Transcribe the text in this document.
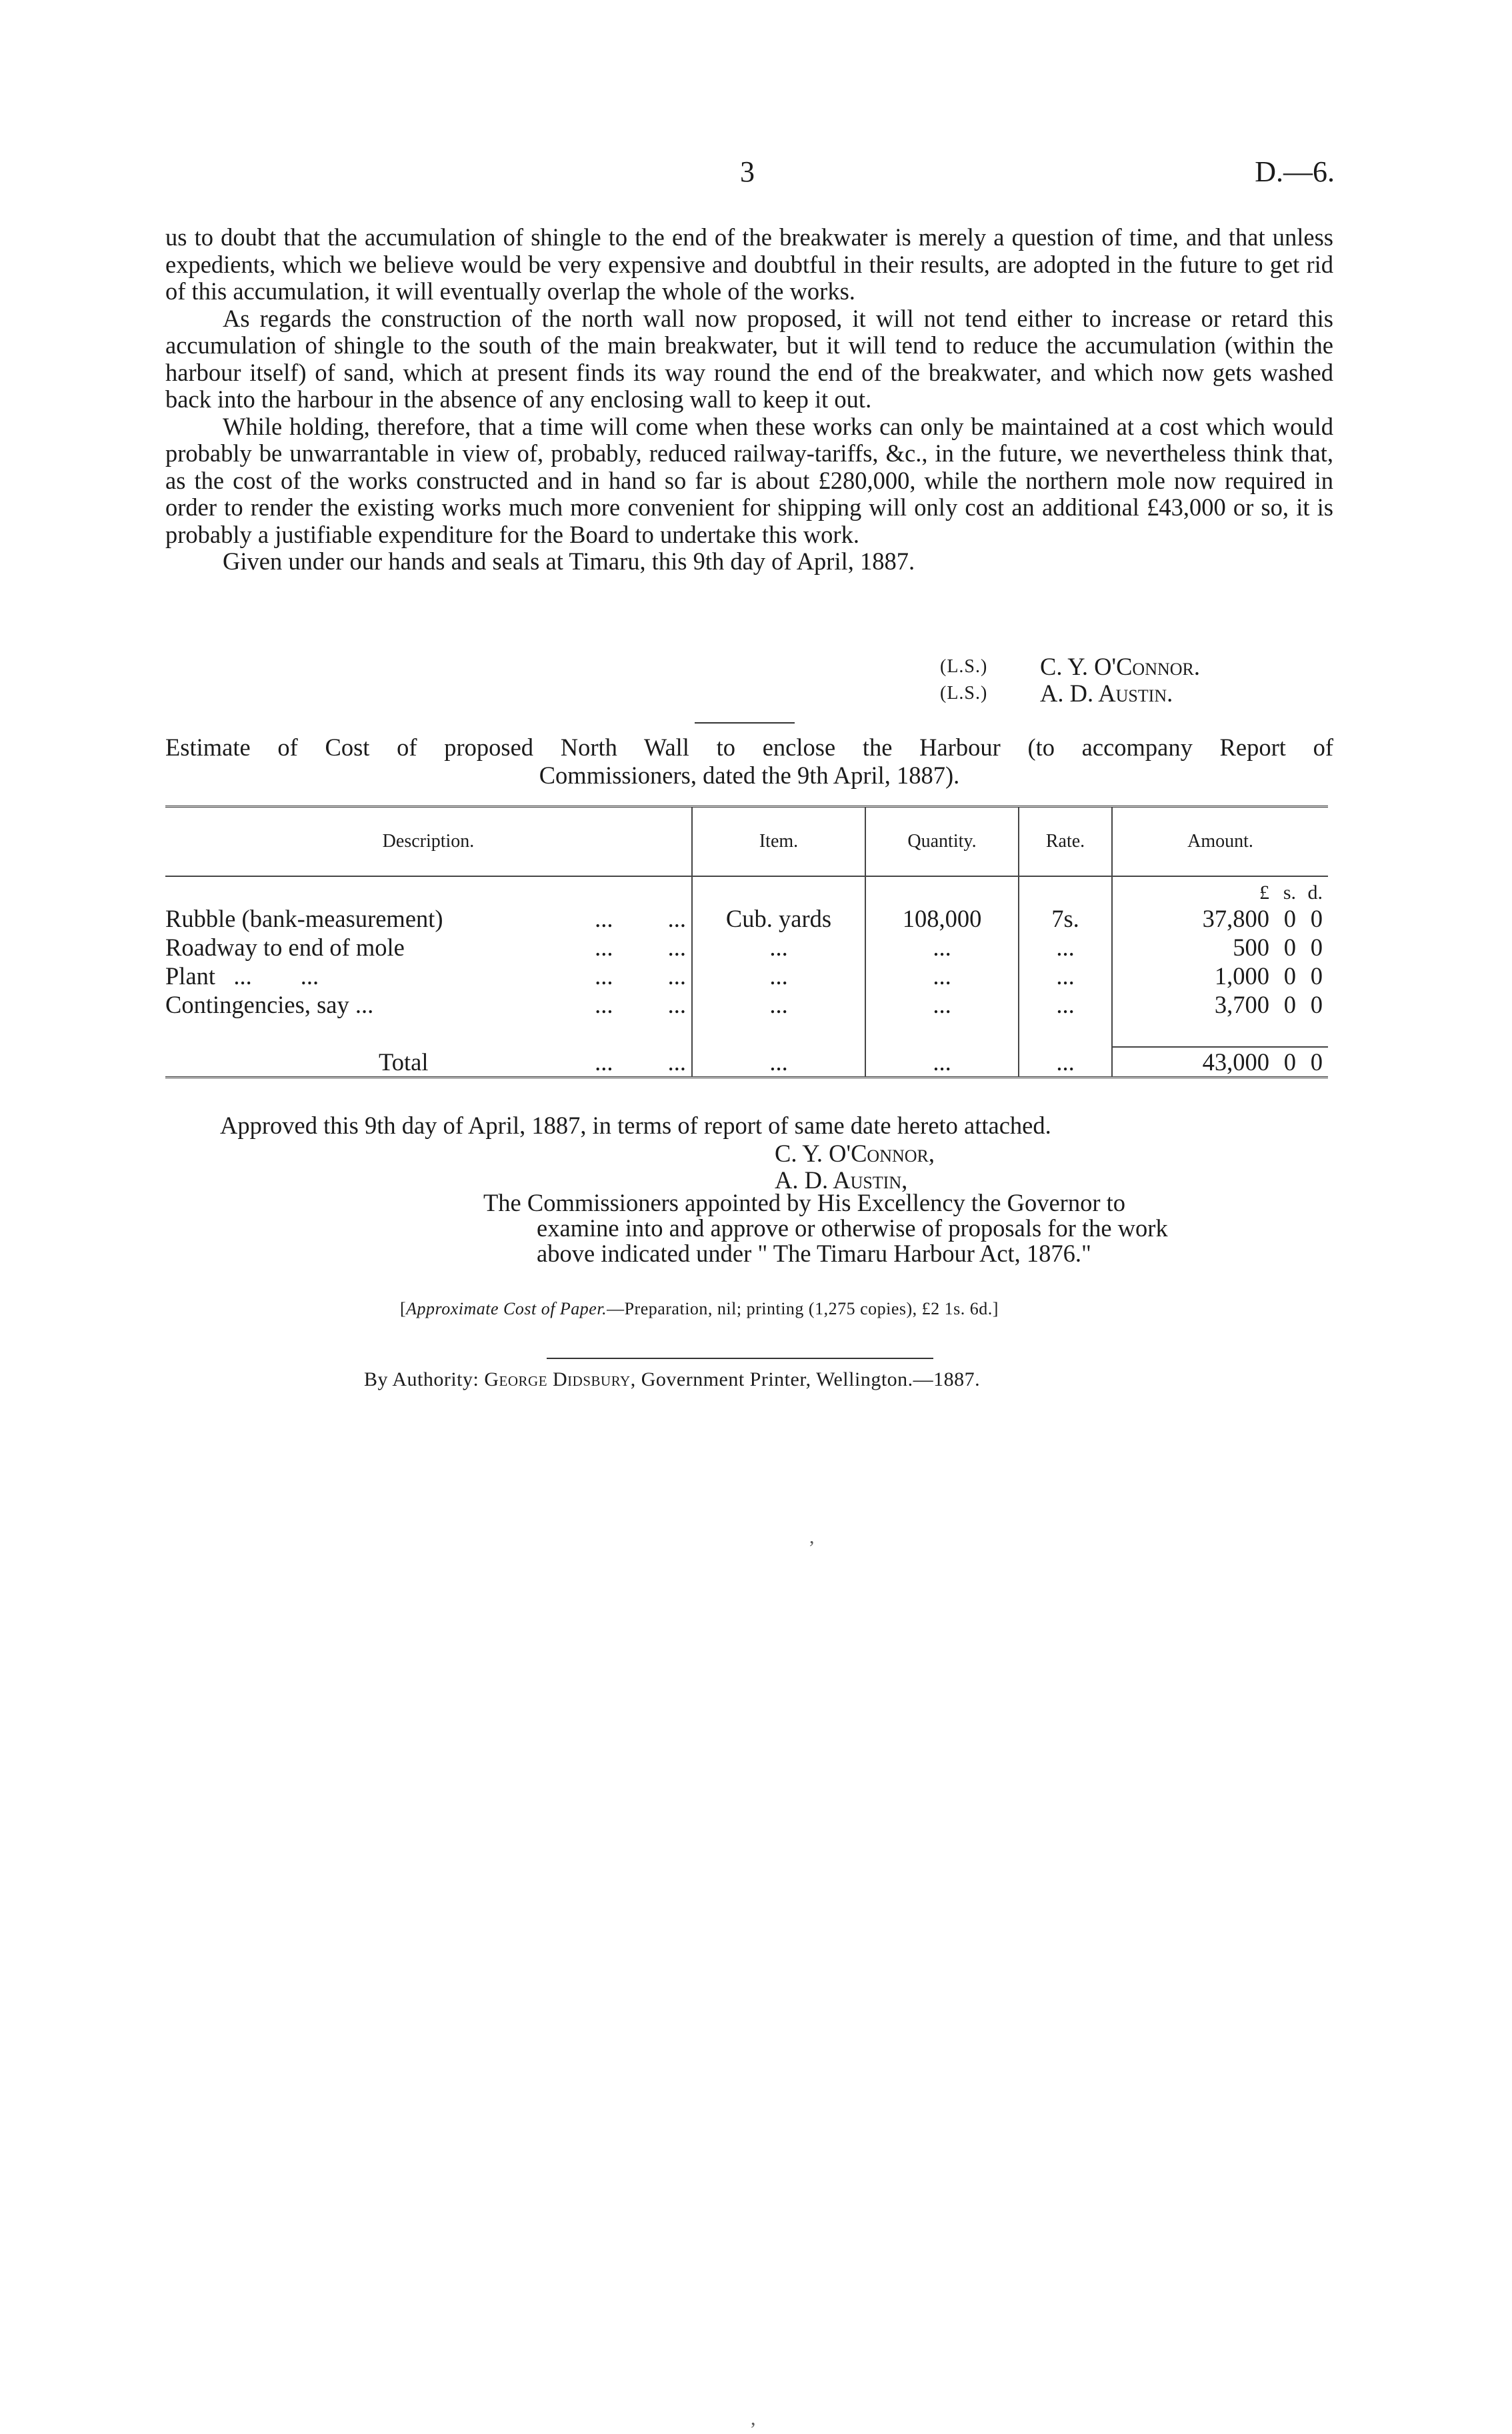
3	D.—6.

us to doubt that the accumulation of shingle to the end of the breakwater is merely a question of time, and that unless expedients, which we believe would be very expensive and doubtful in their results, are adopted in the future to get rid of this accumulation, it will eventually overlap the whole of the works.

As regards the construction of the north wall now proposed, it will not tend either to increase or retard this accumulation of shingle to the south of the main breakwater, but it will tend to reduce the accumulation (within the harbour itself) of sand, which at present finds its way round the end of the breakwater, and which now gets washed back into the harbour in the absence of any enclosing wall to keep it out.

While holding, therefore, that a time will come when these works can only be maintained at a cost which would probably be unwarrantable in view of, probably, reduced railway-tariffs, &c., in the future, we nevertheless think that, as the cost of the works constructed and in hand so far is about £280,000, while the northern mole now required in order to render the existing works much more convenient for shipping will only cost an additional £43,000 or so, it is probably a justifiable expenditure for the Board to undertake this work.

Given under our hands and seals at Timaru, this 9th day of April, 1887.

(L.S.)	C. Y. O'Connor.
(L.S.)	A. D. Austin.
Estimate of Cost of proposed North Wall to enclose the Harbour (to accompany Report of
Commissioners, dated the 9th April, 1887).
Description.	Item.	Quantity.	Rate.	Amount.

				£ s. d.

Rubble (bank-measurement) ...         ...	Cub. yards	108,000	7s.	37,800 0 0

Roadway to end of mole ...         ...	...	...	...	500 0 0

Plant   ...        ... ...         ...	...	...	...	1,000 0 0

Contingencies, say ... ...         ...	...	...	...	3,700 0 0

Total ...         ...	...	...	...	43,000 0 0
Approved this 9th day of April, 1887, in terms of report of same date hereto attached.
C. Y. O'Connor,
A. D. Austin,
The Commissioners appointed by His Excellency the Governor to
examine into and approve or otherwise of proposals for the work
above indicated under " The Timaru Harbour Act, 1876."
[Approximate Cost of Paper.—Preparation, nil; printing (1,275 copies), £2 1s. 6d.]
By Authority: George Didsbury, Government Printer, Wellington.—1887.
,
,
